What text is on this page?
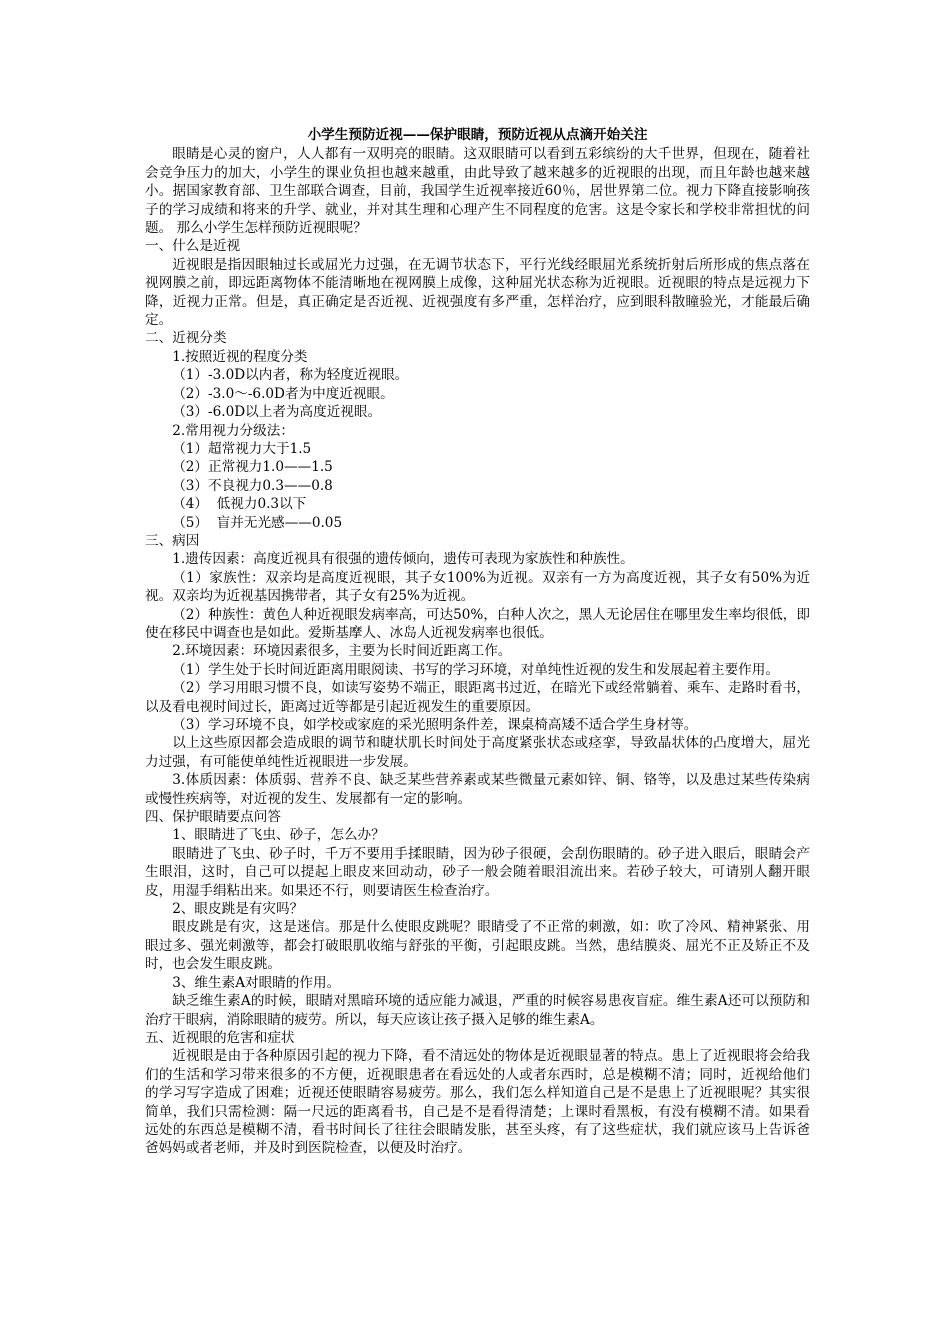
小学生预防近视——保护眼睛，预防近视从点滴开始关注

眼睛是心灵的窗户，人人都有一双明亮的眼睛。这双眼睛可以看到五彩缤纷的大千世界，但现在，随着社会竞争压力的加大，小学生的课业负担也越来越重，由此导致了越来越多的近视眼的出现，而且年龄也越来越小。据国家教育部、卫生部联合调查，目前，我国学生近视率接近60％，居世界第二位。视力下降直接影响孩子的学习成绩和将来的升学、就业，并对其生理和心理产生不同程度的危害。这是令家长和学校非常担忧的问题。 那么小学生怎样预防近视眼呢？

一、什么是近视

近视眼是指因眼轴过长或屈光力过强，在无调节状态下，平行光线经眼屈光系统折射后所形成的焦点落在视网膜之前，即远距离物体不能清晰地在视网膜上成像，这种屈光状态称为近视眼。近视眼的特点是远视力下降，近视力正常。但是，真正确定是否近视、近视强度有多严重，怎样治疗，应到眼科散瞳验光，才能最后确定。

二、近视分类

1.按照近视的程度分类

（1）-3.0D以内者，称为轻度近视眼。

（2）-3.0～-6.0D者为中度近视眼。

（3）-6.0D以上者为高度近视眼。

2.常用视力分级法：

（1）超常视力大于1.5

（2）正常视力1.0——1.5

（3）不良视力0.3——0.8

（4）  低视力0.3以下

（5）  盲并无光感——0.05

三、病因

1.遗传因素：高度近视具有很强的遗传倾向，遗传可表现为家族性和种族性。

（1）家族性：双亲均是高度近视眼，其子女100%为近视。双亲有一方为高度近视，其子女有50%为近视。双亲均为近视基因携带者，其子女有25%为近视。

（2）种族性：黄色人种近视眼发病率高，可达50%，白种人次之，黑人无论居住在哪里发生率均很低，即使在移民中调查也是如此。爱斯基摩人、冰岛人近视发病率也很低。

2.环境因素：环境因素很多，主要为长时间近距离工作。

（1）学生处于长时间近距离用眼阅读、书写的学习环境，对单纯性近视的发生和发展起着主要作用。

（2）学习用眼习惯不良，如读写姿势不端正，眼距离书过近，在暗光下或经常躺着、乘车、走路时看书，以及看电视时间过长，距离过近等都是引起近视发生的重要原因。

（3）学习环境不良，如学校或家庭的采光照明条件差，课桌椅高矮不适合学生身材等。

以上这些原因都会造成眼的调节和睫状肌长时间处于高度紧张状态或痉挛，导致晶状体的凸度增大，屈光力过强，有可能使单纯性近视眼进一步发展。

3.体质因素：体质弱、营养不良、缺乏某些营养素或某些微量元素如锌、铜、铬等，以及患过某些传染病或慢性疾病等，对近视的发生、发展都有一定的影响。

四、保护眼睛要点问答

1、眼睛进了飞虫、砂子，怎么办？

眼睛进了飞虫、砂子时，千万不要用手揉眼睛，因为砂子很硬，会刮伤眼睛的。砂子进入眼后，眼睛会产生眼泪，这时，自己可以提起上眼皮来回动动，砂子一般会随着眼泪流出来。若砂子较大，可请别人翻开眼皮，用湿手绢粘出来。如果还不行，则要请医生检查治疗。

2、眼皮跳是有灾吗？

眼皮跳是有灾，这是迷信。那是什么使眼皮跳呢？眼睛受了不正常的刺激，如：吹了冷风、精神紧张、用眼过多、强光刺激等，都会打破眼肌收缩与舒张的平衡，引起眼皮跳。当然，患结膜炎、屈光不正及矫正不及时，也会发生眼皮跳。

3、维生素A对眼睛的作用。

缺乏维生素A的时候，眼睛对黑暗环境的适应能力减退，严重的时候容易患夜盲症。维生素A还可以预防和治疗干眼病，消除眼睛的疲劳。所以，每天应该让孩子摄入足够的维生素A。

五、近视眼的危害和症状

近视眼是由于各种原因引起的视力下降，看不清远处的物体是近视眼显著的特点。患上了近视眼将会给我们的生活和学习带来很多的不方便，近视眼患者在看远处的人或者东西时，总是模糊不清；同时，近视给他们的学习写字造成了困难；近视还使眼睛容易疲劳。那么，我们怎么样知道自己是不是患上了近视眼呢？其实很简单，我们只需检测：隔一尺远的距离看书，自己是不是看得清楚；上课时看黑板，有没有模糊不清。如果看远处的东西总是模糊不清，看书时间长了往往会眼睛发胀，甚至头疼，有了这些症状，我们就应该马上告诉爸爸妈妈或者老师，并及时到医院检查，以便及时治疗。
